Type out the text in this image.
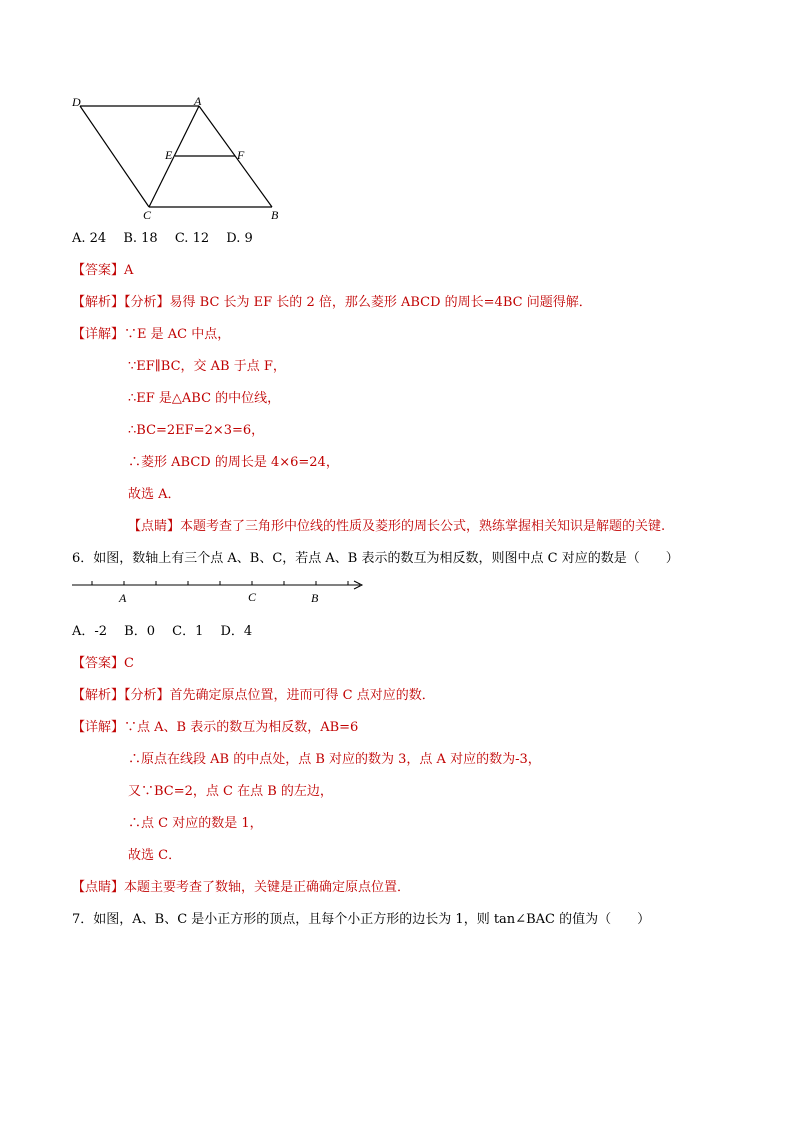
D	A
E	F
C	B
A. 24　 B. 18　 C. 12　 D. 9
【答案】A
【解析】【分析】易得 BC 长为 EF 长的 2 倍，那么菱形 ABCD 的周长=4BC 问题得解．
【详解】∵E 是 AC 中点，
∵EF∥BC，交 AB 于点 F，
∴EF 是△ABC 的中位线，
∴BC=2EF=2×3=6，
∴菱形 ABCD 的周长是 4×6=24，
故选 A．
【点睛】本题考查了三角形中位线的性质及菱形的周长公式，熟练掌握相关知识是解题的关键.
6．如图，数轴上有三个点 A、B、C，若点 A、B 表示的数互为相反数，则图中点 C 对应的数是（　　）
A	C	B
A．-2　 B．0　 C．1　 D．4
【答案】C
【解析】【分析】首先确定原点位置，进而可得 C 点对应的数．
【详解】∵点 A、B 表示的数互为相反数，AB=6
∴原点在线段 AB 的中点处，点 B 对应的数为 3，点 A 对应的数为-3，
又∵BC=2，点 C 在点 B 的左边，
∴点 C 对应的数是 1，
故选 C．
【点睛】本题主要考查了数轴，关键是正确确定原点位置．
7．如图，A、B、C 是小正方形的顶点，且每个小正方形的边长为 1，则 tan∠BAC 的值为（　　）
